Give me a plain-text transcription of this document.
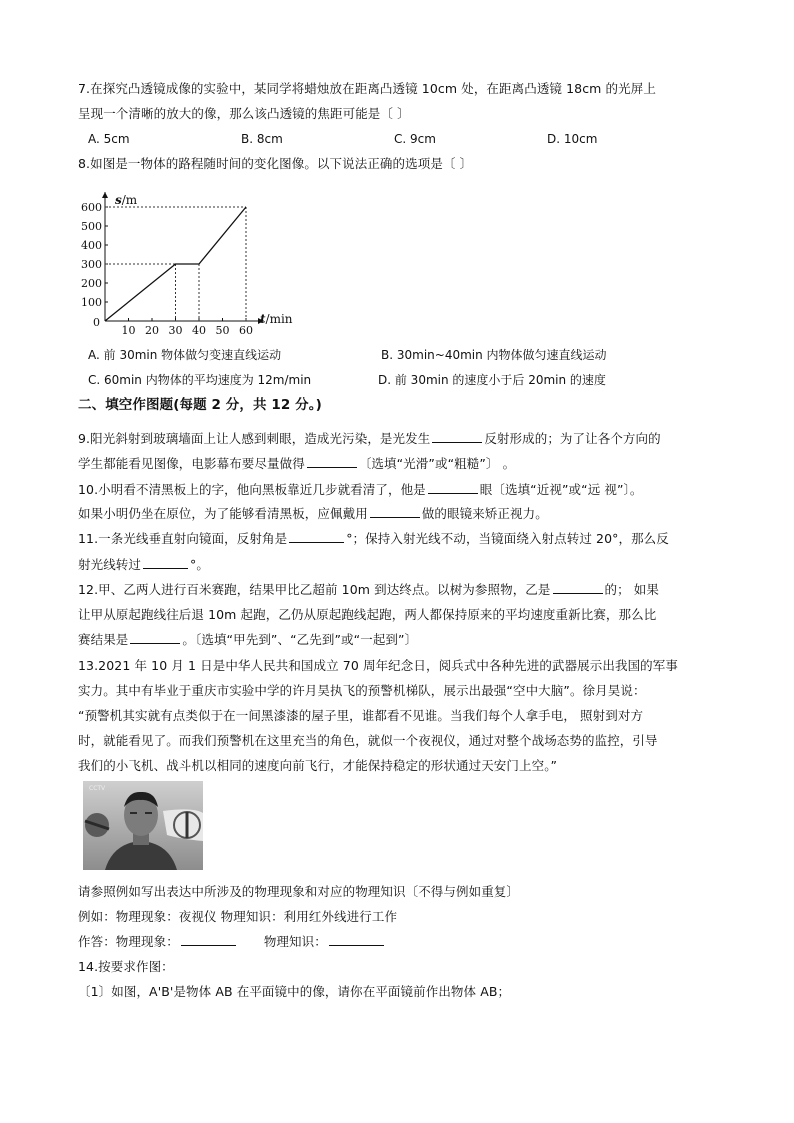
7.在探究凸透镜成像的实验中，某同学将蜡烛放在距离凸透镜 10cm 处，在距离凸透镜 18cm 的光屏上
呈现一个清晰的放大的像，那么该凸透镜的焦距可能是〔 〕
A. 5cm	B. 8cm	C. 9cm	D. 10cm
8.如图是一物体的路程随时间的变化图像。以下说法正确的选项是〔 〕
10 20 30 40 50 60
100
200
300
400
500
600
0
s/m
t/min
A. 前 30min 物体做匀变速直线运动	B. 30min~40min 内物体做匀速直线运动
C. 60min 内物体的平均速度为 12m/min	D. 前 30min 的速度小于后 20min 的速度
二、填空作图题(每题 2 分，共 12 分。)
9.阳光斜射到玻璃墙面上让人感到刺眼，造成光污染，是光发生	反射形成的；为了让各个方向的
学生都能看见图像，电影幕布要尽量做得	〔选填“光滑”或“粗糙”〕 。
10.小明看不清黑板上的字，他向黑板靠近几步就看清了，他是	眼〔选填“近视”或“远 视”〕。
如果小明仍坐在原位，为了能够看清黑板，应佩戴用	做的眼镜来矫正视力。
11.一条光线垂直射向镜面，反射角是	°；保持入射光线不动，当镜面绕入射点转过 20°，那么反
射光线转过	°。
12.甲、乙两人进行百米赛跑，结果甲比乙超前 10m 到达终点。以树为参照物，乙是	的； 如果
让甲从原起跑线往后退 10m 起跑，乙仍从原起跑线起跑，两人都保持原来的平均速度重新比赛，那么比
赛结果是	。〔选填“甲先到”、“乙先到”或“一起到”〕
13.2021 年 10 月 1 日是中华人民共和国成立 70 周年纪念日，阅兵式中各种先进的武器展示出我国的军事
实力。其中有毕业于重庆市实验中学的许月昊执飞的预警机梯队，展示出最强“空中大脑”。徐月昊说：
“预警机其实就有点类似于在一间黑漆漆的屋子里，谁都看不见谁。当我们每个人拿手电， 照射到对方
时，就能看见了。而我们预警机在这里充当的角色，就似一个夜视仪，通过对整个战场态势的监控，引导
我们的小飞机、战斗机以相同的速度向前飞行，才能保持稳定的形状通过天安门上空。”
CCTV
请参照例如写出表达中所涉及的物理现象和对应的物理知识〔不得与例如重复〕
例如：物理现象：夜视仪 物理知识：利用红外线进行工作
作答：物理现象：	物理知识：
14.按要求作图：
〔1〕如图，A'B'是物体 AB 在平面镜中的像，请你在平面镜前作出物体 AB；
